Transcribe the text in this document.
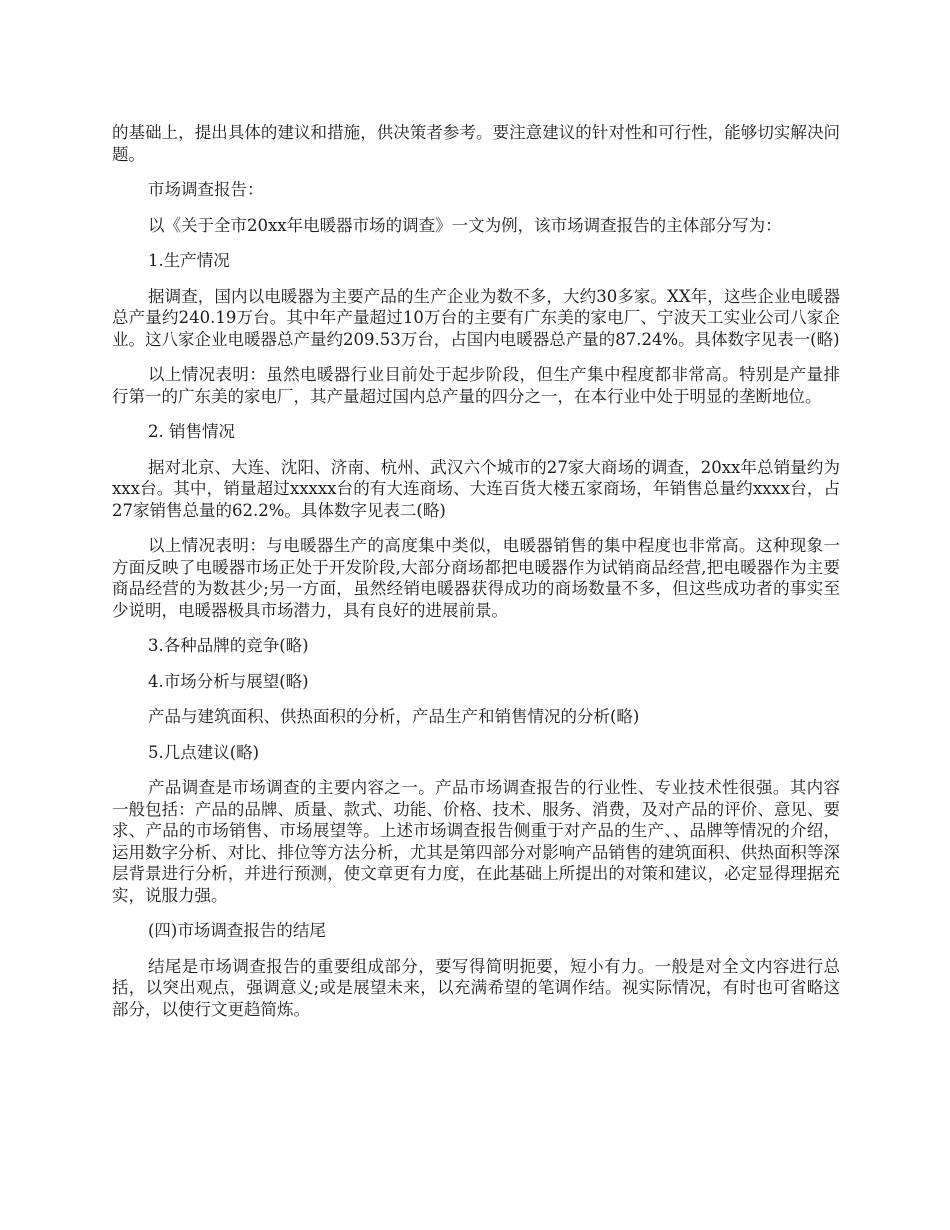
的基础上，提出具体的建议和措施，供决策者参考。要注意建议的针对性和可行性，能够切实解决问题。

市场调查报告：

以《关于全市20xx年电暖器市场的调查》一文为例，该市场调查报告的主体部分写为：

1.生产情况

据调查，国内以电暖器为主要产品的生产企业为数不多，大约30多家。XX年，这些企业电暖器总产量约240.19万台。其中年产量超过10万台的主要有广东美的家电厂、宁波天工实业公司八家企业。这八家企业电暖器总产量约209.53万台，占国内电暖器总产量的87.24%。具体数字见表一(略)

以上情况表明：虽然电暖器行业目前处于起步阶段，但生产集中程度都非常高。特别是产量排行第一的广东美的家电厂，其产量超过国内总产量的四分之一，在本行业中处于明显的垄断地位。

2. 销售情况

据对北京、大连、沈阳、济南、杭州、武汉六个城市的27家大商场的调查，20xx年总销量约为xxx台。其中，销量超过xxxxx台的有大连商场、大连百货大楼五家商场，年销售总量约xxxx台，占27家销售总量的62.2%。具体数字见表二(略)

以上情况表明：与电暖器生产的高度集中类似，电暖器销售的集中程度也非常高。这种现象一方面反映了电暖器市场正处于开发阶段,大部分商场都把电暖器作为试销商品经营,把电暖器作为主要商品经营的为数甚少;另一方面，虽然经销电暖器获得成功的商场数量不多，但这些成功者的事实至少说明，电暖器极具市场潜力，具有良好的进展前景。

3.各种品牌的竞争(略)

4.市场分析与展望(略)

产品与建筑面积、供热面积的分析，产品生产和销售情况的分析(略)

5.几点建议(略)

产品调查是市场调查的主要内容之一。产品市场调查报告的行业性、专业技术性很强。其内容一般包括：产品的品牌、质量、款式、功能、价格、技术、服务、消费，及对产品的评价、意见、要求、产品的市场销售、市场展望等。上述市场调查报告侧重于对产品的生产、、品牌等情况的介绍，运用数字分析、对比、排位等方法分析，尤其是第四部分对影响产品销售的建筑面积、供热面积等深层背景进行分析，并进行预测，使文章更有力度，在此基础上所提出的对策和建议，必定显得理据充实，说服力强。

(四)市场调查报告的结尾

结尾是市场调查报告的重要组成部分，要写得简明扼要，短小有力。一般是对全文内容进行总括，以突出观点，强调意义;或是展望未来，以充满希望的笔调作结。视实际情况，有时也可省略这部分，以使行文更趋简炼。
